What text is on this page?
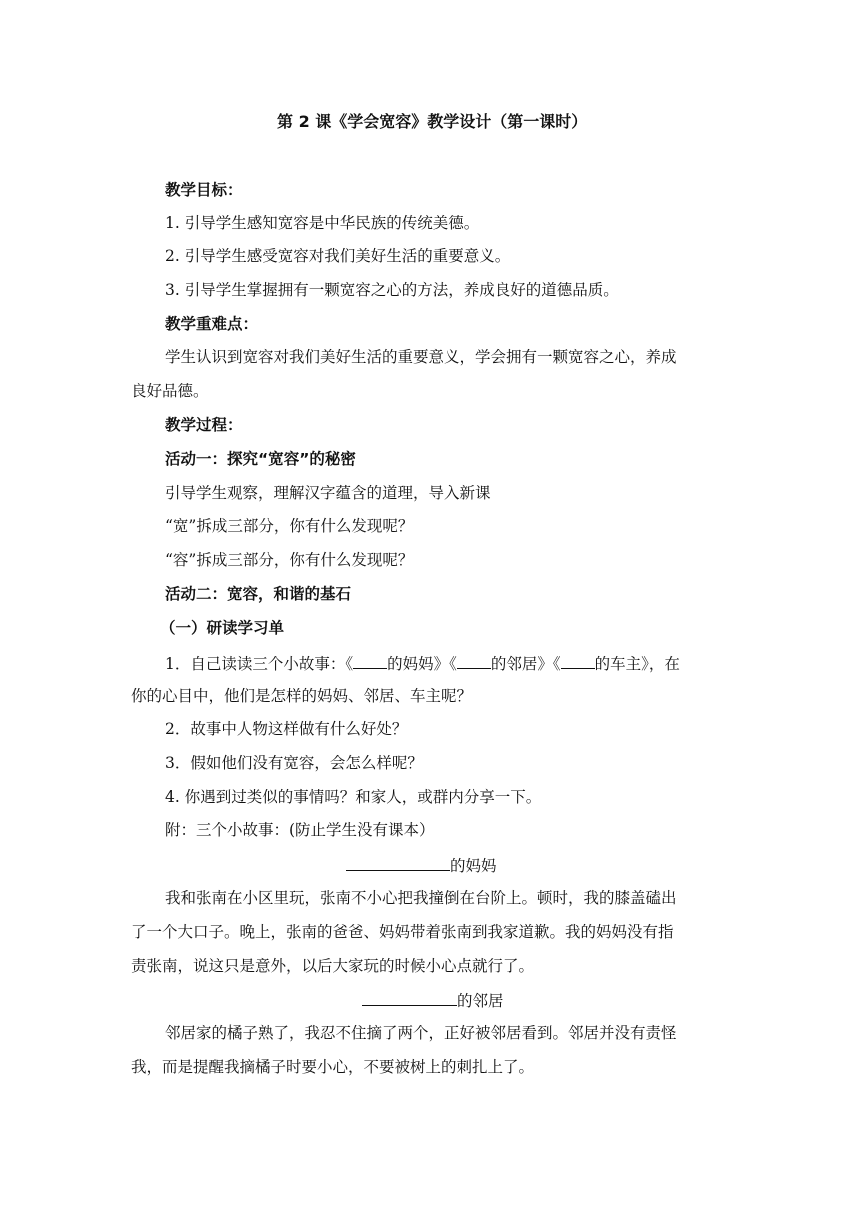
第 2 课《学会宽容》教学设计（第一课时）
教学目标：
1. 引导学生感知宽容是中华民族的传统美德。
2. 引导学生感受宽容对我们美好生活的重要意义。
3. 引导学生掌握拥有一颗宽容之心的方法，养成良好的道德品质。
教学重难点：
学生认识到宽容对我们美好生活的重要意义，学会拥有一颗宽容之心，养成
良好品德。
教学过程：
活动一：探究“宽容”的秘密
引导学生观察，理解汉字蕴含的道理，导入新课
“宽”拆成三部分，你有什么发现呢？
“容”拆成三部分，你有什么发现呢？
活动二：宽容，和谐的基石
（一）研读学习单
1．自己读读三个小故事：《 的妈妈》《 的邻居》《 的车主》，在
你的心目中，他们是怎样的妈妈、邻居、车主呢？
2．故事中人物这样做有什么好处？
3．假如他们没有宽容，会怎么样呢？
4. 你遇到过类似的事情吗？和家人，或群内分享一下。
附：三个小故事：(防止学生没有课本）
的妈妈
我和张南在小区里玩，张南不小心把我撞倒在台阶上。顿时，我的膝盖磕出
了一个大口子。晚上，张南的爸爸、妈妈带着张南到我家道歉。我的妈妈没有指
责张南，说这只是意外，以后大家玩的时候小心点就行了。
的邻居
邻居家的橘子熟了，我忍不住摘了两个，正好被邻居看到。邻居并没有责怪
我，而是提醒我摘橘子时要小心，不要被树上的刺扎上了。
